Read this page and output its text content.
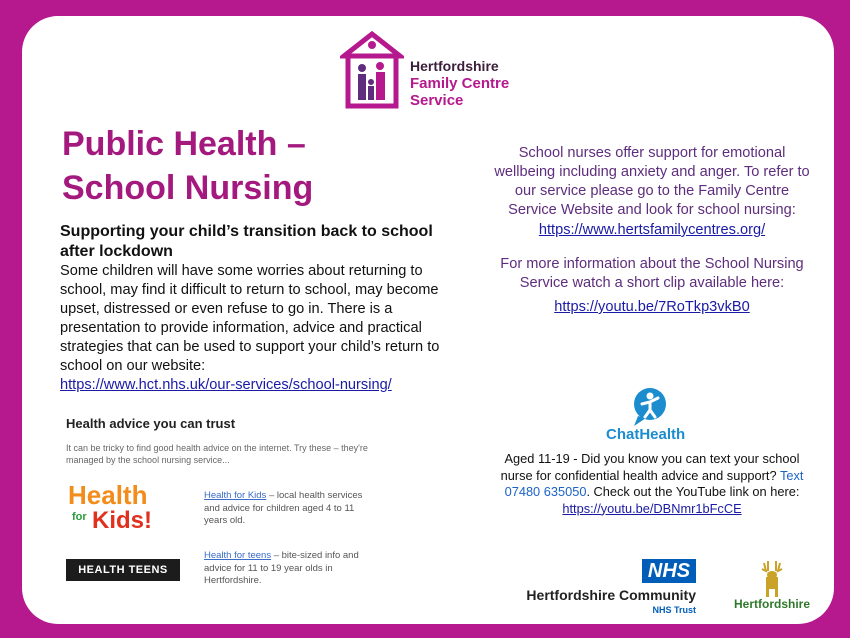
Hertfordshire
Family Centre
Service
Public Health –
School Nursing

Supporting your child’s transition back to school after lockdown

Some children will have some worries about returning to school, may find it difficult to return to school, may become upset, distressed or even refuse to go in. There is a presentation to provide information, advice and practical strategies that can be used to support your child’s return to school on our website:

https://www.hct.nhs.uk/our-services/school-nursing/
Health advice you can trust
It can be tricky to find good health advice on the internet. Try these – they're managed by the school nursing service...
Health
for Kids!
Health for Kids – local health services and advice for children aged 4 to 11 years old.
HEALTH TEENS
Health for teens – bite-sized info and advice for 11 to 19 year olds in Hertfordshire.

School nurses offer support for emotional wellbeing including anxiety and anger. To refer to our service please go to the Family Centre Service Website and look for school nursing:

https://www.hertsfamilycentres.org/

For more information about the School Nursing Service watch a short clip available here:

https://youtu.be/7RoTkp3vkB0
ChatHealth
Aged 11-19 - Did you know you can text your school nurse for confidential health advice and support? Text 07480 635050. Check out the YouTube link on here:
https://youtu.be/DBNmr1bFcCE
NHS
Hertfordshire Community
NHS Trust	Hertfordshire
